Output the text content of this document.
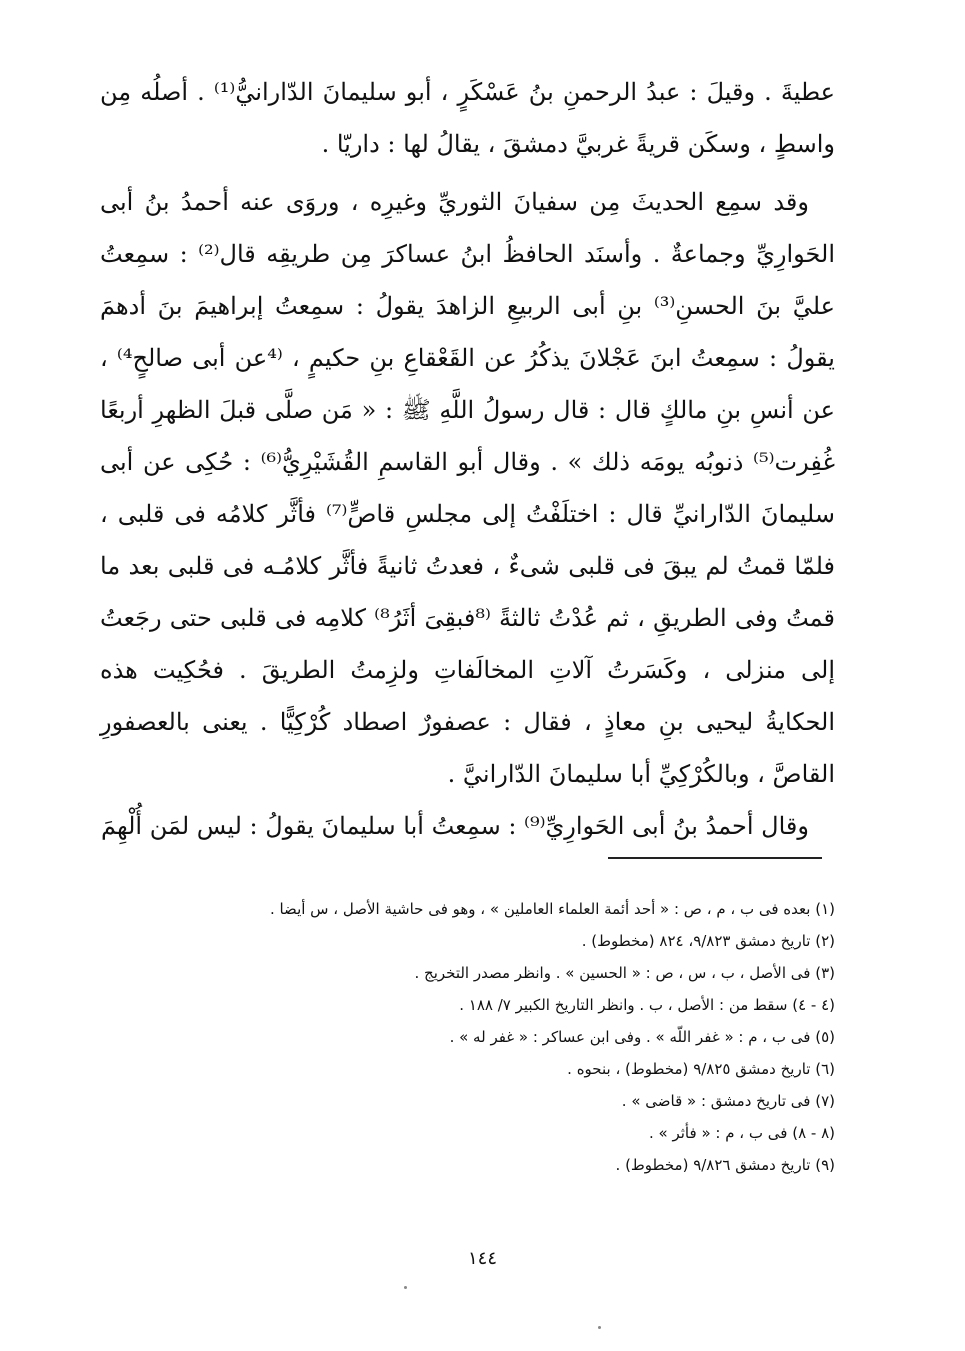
عطيةَ . وقيلَ : عبدُ الرحمنِ بنُ عَسْكَرٍ ، أبو سليمانَ الدّارانيُّ⁽¹⁾ . أصلُه مِن واسطٍ ، وسكَن قريةً غربيَّ دمشقَ ، يقالُ لها : داريّا .

وقد سمِع الحديثَ مِن سفيانَ الثوريِّ وغيرِه ، وروَى عنه أحمدُ بنُ أبى الحَوارِيِّ وجماعةٌ . وأسنَد الحافظُ ابنُ عساكرَ مِن طريقِه قال⁽²⁾ : سمِعتُ عليَّ بنَ الحسنِ⁽³⁾ بنِ أبى الربيعِ الزاهدَ يقولُ : سمِعتُ إبراهيمَ بنَ أدهمَ يقولُ : سمِعتُ ابنَ عَجْلانَ يذكُرُ عن القَعْقاعِ بنِ حكيمٍ ، ⁽⁴عن أبى صالحٍ⁴⁾ ، عن أنسِ بنِ مالكٍ قال : قال رسولُ اللَّهِ ﷺ : « مَن صلَّى قبلَ الظهرِ أربعًا غُفِرت⁽⁵⁾ ذنوبُه يومَه ذلك » . وقال أبو القاسمِ القُشَيْرِيُّ⁽⁶⁾ : حُكِى عن أبى سليمانَ الدّارانيِّ قال : اختلَفْتُ إلى مجلسِ قاصٍّ⁽⁷⁾ فأثَّر كلامُه فى قلبى ، فلمّا قمتُ لم يبقَ فى قلبى شىءٌ ، فعدتُ ثانيةً فأثَّر كلامُـه فى قلبى بعد ما قمتُ وفى الطريقِ ، ثم عُدْتُ ثالثةً ⁽⁸فبقِىَ أثَرُ⁸⁾ كلامِه فى قلبى حتى رجَعتُ إلى منزلى ، وكَسَرتُ آلاتِ المخالَفاتِ ولزِمتُ الطريقَ . فحُكِيت هذه الحكايةُ ليحيى بنِ معاذٍ ، فقال : عصفورٌ اصطاد كُرْكِيًّا . يعنى بالعصفورِ القاصَّ ، وبالكُرْكِيِّ أبا سليمانَ الدّارانيَّ .

وقال أحمدُ بنُ أبى الحَوارِيِّ⁽⁹⁾ : سمِعتُ أبا سليمانَ يقولُ : ليس لمَن أُلْهِمَ

(١) بعده فى ب ، م ، ص : « أحد أئمة العلماء العاملين » ، وهو فى حاشية الأصل ، س أيضا .

(٢) تاريخ دمشق ٩/٨٢٣، ٨٢٤ (مخطوط) .

(٣) فى الأصل ، ب ، س ، ص : « الحسين » . وانظر مصدر التخريج .

(٤ - ٤) سقط من : الأصل ، ب . وانظر التاريخ الكبير ٧/ ١٨٨ .

(٥) فى ب ، م : « غفر اللّه » . وفى ابن عساكر : « غفر له » .

(٦) تاريخ دمشق ٩/٨٢٥ (مخطوط) ، بنحوه .

(٧) فى تاريخ دمشق : « قاضى » .

(٨ - ٨) فى ب ، م : « فأثر » .

(٩) تاريخ دمشق ٩/٨٢٦ (مخطوط) .

١٤٤
